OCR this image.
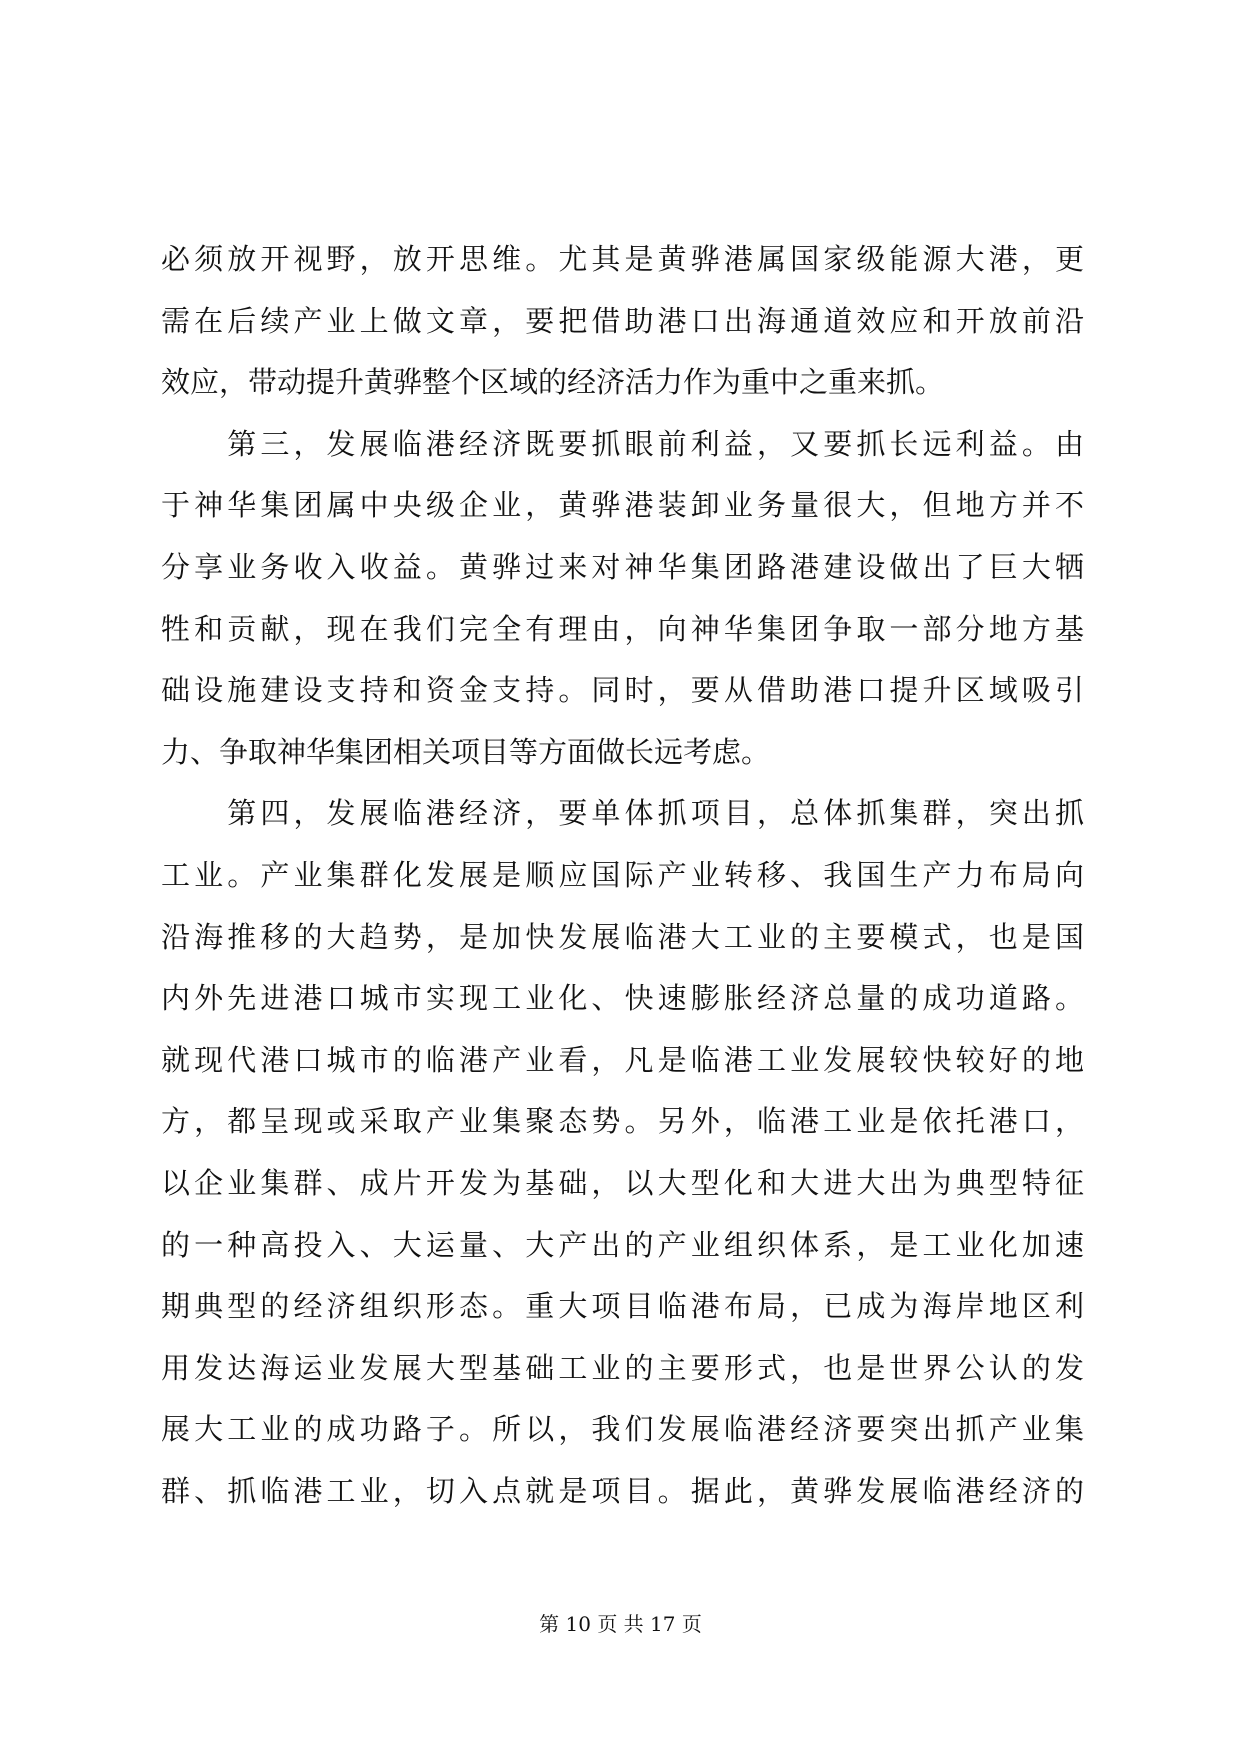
必须放开视野，放开思维。尤其是黄骅港属国家级能源大港，更
需在后续产业上做文章，要把借助港口出海通道效应和开放前沿
效应，带动提升黄骅整个区域的经济活力作为重中之重来抓。
　　第三，发展临港经济既要抓眼前利益，又要抓长远利益。由
于神华集团属中央级企业，黄骅港装卸业务量很大，但地方并不
分享业务收入收益。黄骅过来对神华集团路港建设做出了巨大牺
牲和贡献，现在我们完全有理由，向神华集团争取一部分地方基
础设施建设支持和资金支持。同时，要从借助港口提升区域吸引
力、争取神华集团相关项目等方面做长远考虑。
　　第四，发展临港经济，要单体抓项目，总体抓集群，突出抓
工业。产业集群化发展是顺应国际产业转移、我国生产力布局向
沿海推移的大趋势，是加快发展临港大工业的主要模式，也是国
内外先进港口城市实现工业化、快速膨胀经济总量的成功道路。
就现代港口城市的临港产业看，凡是临港工业发展较快较好的地
方，都呈现或采取产业集聚态势。另外，临港工业是依托港口，
以企业集群、成片开发为基础，以大型化和大进大出为典型特征
的一种高投入、大运量、大产出的产业组织体系，是工业化加速
期典型的经济组织形态。重大项目临港布局，已成为海岸地区利
用发达海运业发展大型基础工业的主要形式，也是世界公认的发
展大工业的成功路子。所以，我们发展临港经济要突出抓产业集
群、抓临港工业，切入点就是项目。据此，黄骅发展临港经济的
第 10 页 共 17 页
